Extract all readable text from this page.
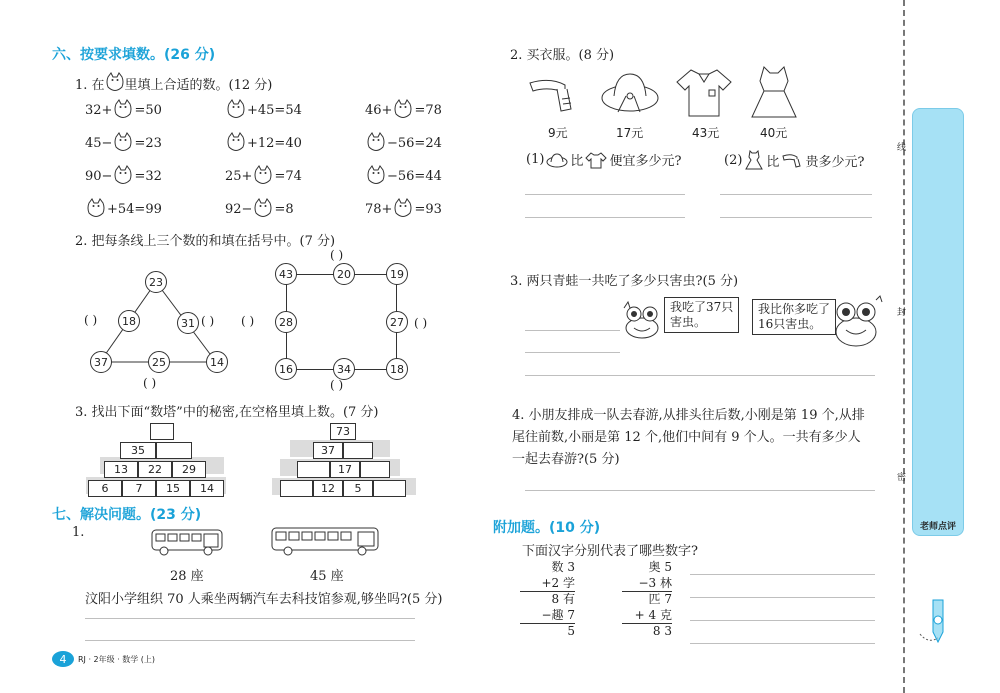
六、按要求填数。(26 分)
1. 在 里填上合适的数。(12 分)
32+ =50	+45=54	46+ =78
45− =23	+12=40	−56=24
90− =32	25+ =74	−56=44
+54=99	92− =8	78+ =93
2. 把每条线上三个数的和填在括号中。(7 分)
23
18	31
37	25	14
( )	( )
( )
43	20	19
28	27
16	34	18
( )
( )	( )
( )
3. 找出下面“数塔”中的秘密,在空格里填上数。(7 分)
35
13	22	29
6	7	15	14
73
37
17
12	5
七、解决问题。(23 分)
1.
28 座	45 座
汶阳小学组织 70 人乘坐两辆汽车去科技馆参观,够坐吗?(5 分)
4	RJ · 2年级 · 数学 (上)
2. 买衣服。(8 分)
9元	17元	43元	40元
(1) 比 便宜多少元?	(2) 比 贵多少元?
3. 两只青蛙一共吃了多少只害虫?(5 分)
我吃了37只
害虫。
我比你多吃了
16只害虫。
4. 小朋友排成一队去春游,从排头往后数,小刚是第 19 个,从排
尾往前数,小丽是第 12 个,他们中间有 9 个人。一共有多少人
一起去春游?(5 分)
附加题。(10 分)
下面汉字分别代表了哪些数字?
数 3
+2 学
8 有
−趣 7
5
奥 5
−3 林
匹 7
+ 4 克
8 3
线
封
密
老师点评
